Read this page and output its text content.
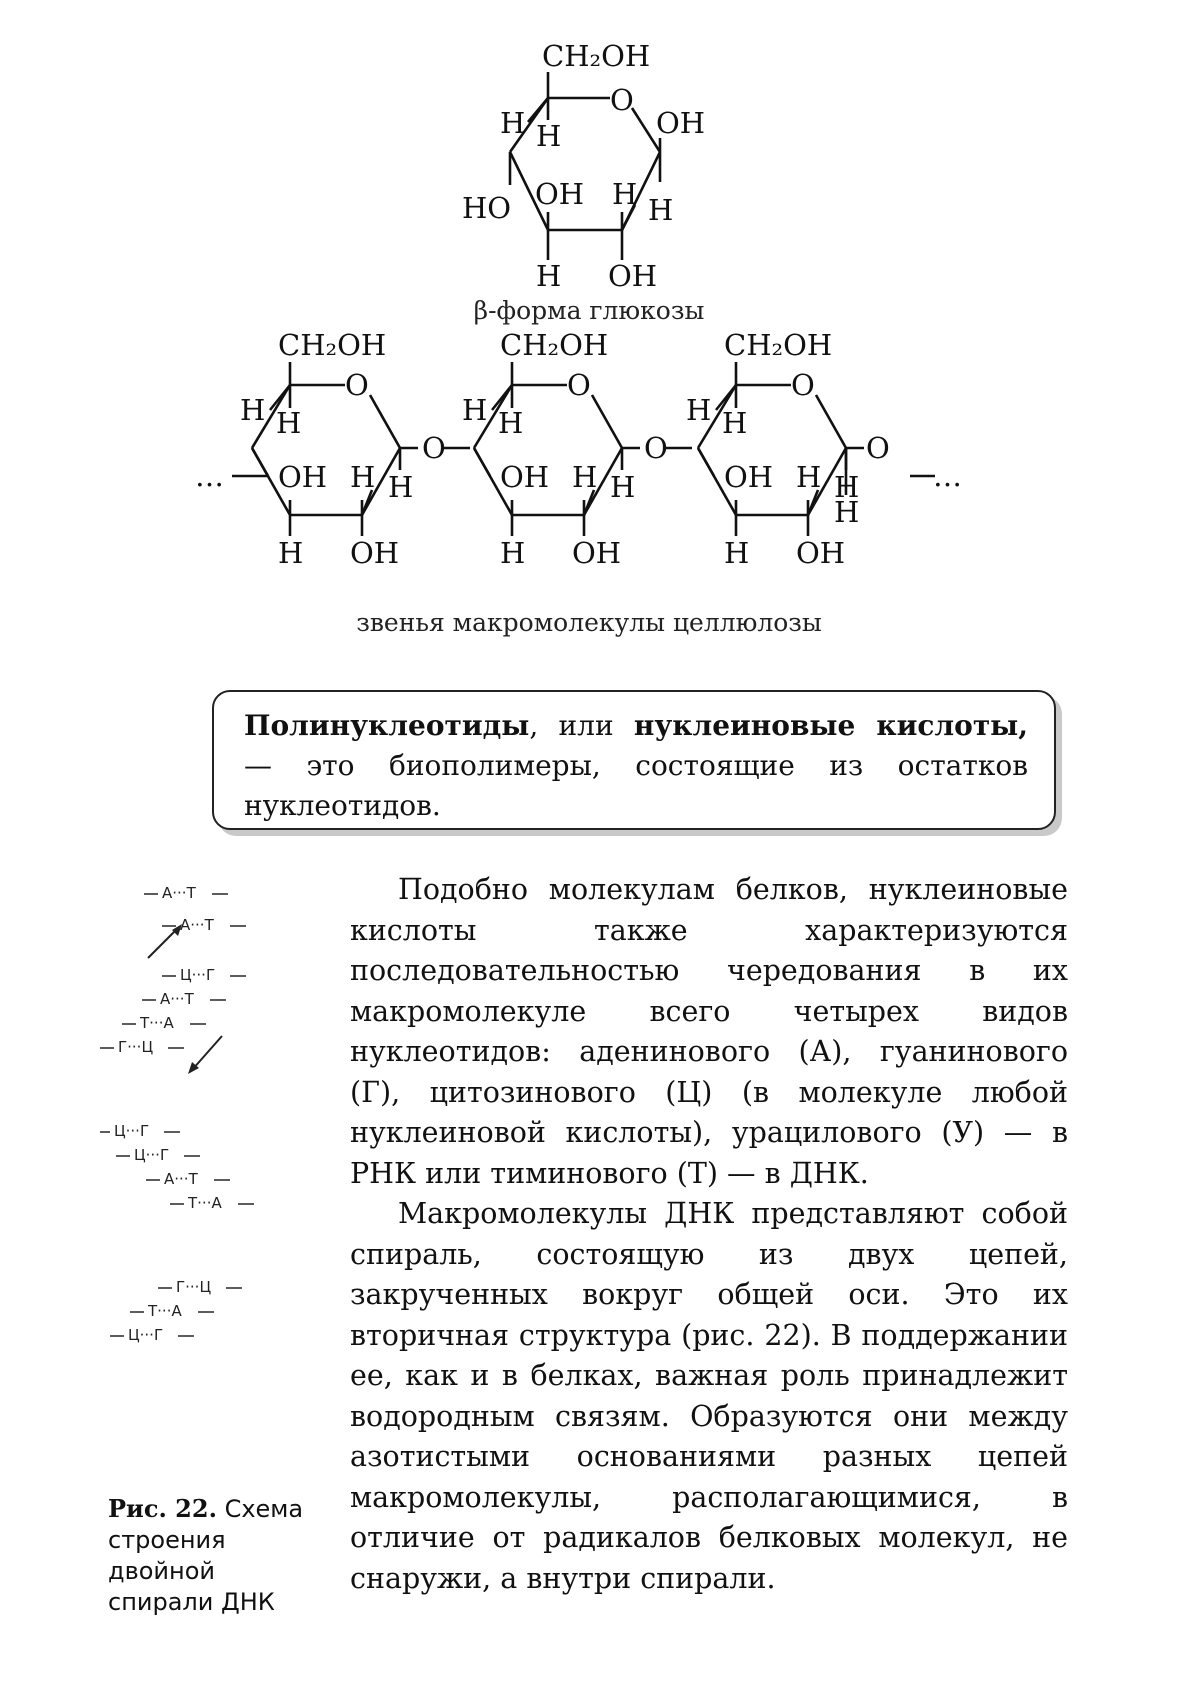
CH₂OH
O
H H	OH
OH H H
HO
H OH
β-форма глюкозы
…	…
CH₂OH
O
H H
OH H H
H OH
O
CH₂OH
O
H H
OH H H
H OH
O
CH₂OH
O
H H
OH H H
H OH
H
O
звенья макромолекулы целлюлозы

Полинуклеотиды, или нуклеиновые кислоты, — это биополимеры, состоящие из остатков нуклеотидов.

А···Т
А···Т
Ц···Г
А···Т
Т···А
Г···Ц
Ц···Г
Ц···Г
А···Т
Т···А
Г···Ц
Т···А
Ц···Г
Рис. 22. Схема строения двойной спирали ДНК

Подобно молекулам белков, нуклеиновые кислоты также характеризуются последовательностью чередования в их макромолекуле всего четырех видов нуклеотидов: аденинового (А), гуанинового (Г), цитозинового (Ц) (в молекуле любой нуклеиновой кислоты), урацилового (У) — в РНК или тиминового (Т) — в ДНК.

Макромолекулы ДНК представляют собой спираль, состоящую из двух цепей, закрученных вокруг общей оси. Это их вторичная структура (рис. 22). В поддержании ее, как и в белках, важная роль принадлежит водородным связям. Образуются они между азотистыми основаниями разных цепей макромолекулы, располагающимися, в отличие от радикалов белковых молекул, не снаружи, а внутри спирали.
